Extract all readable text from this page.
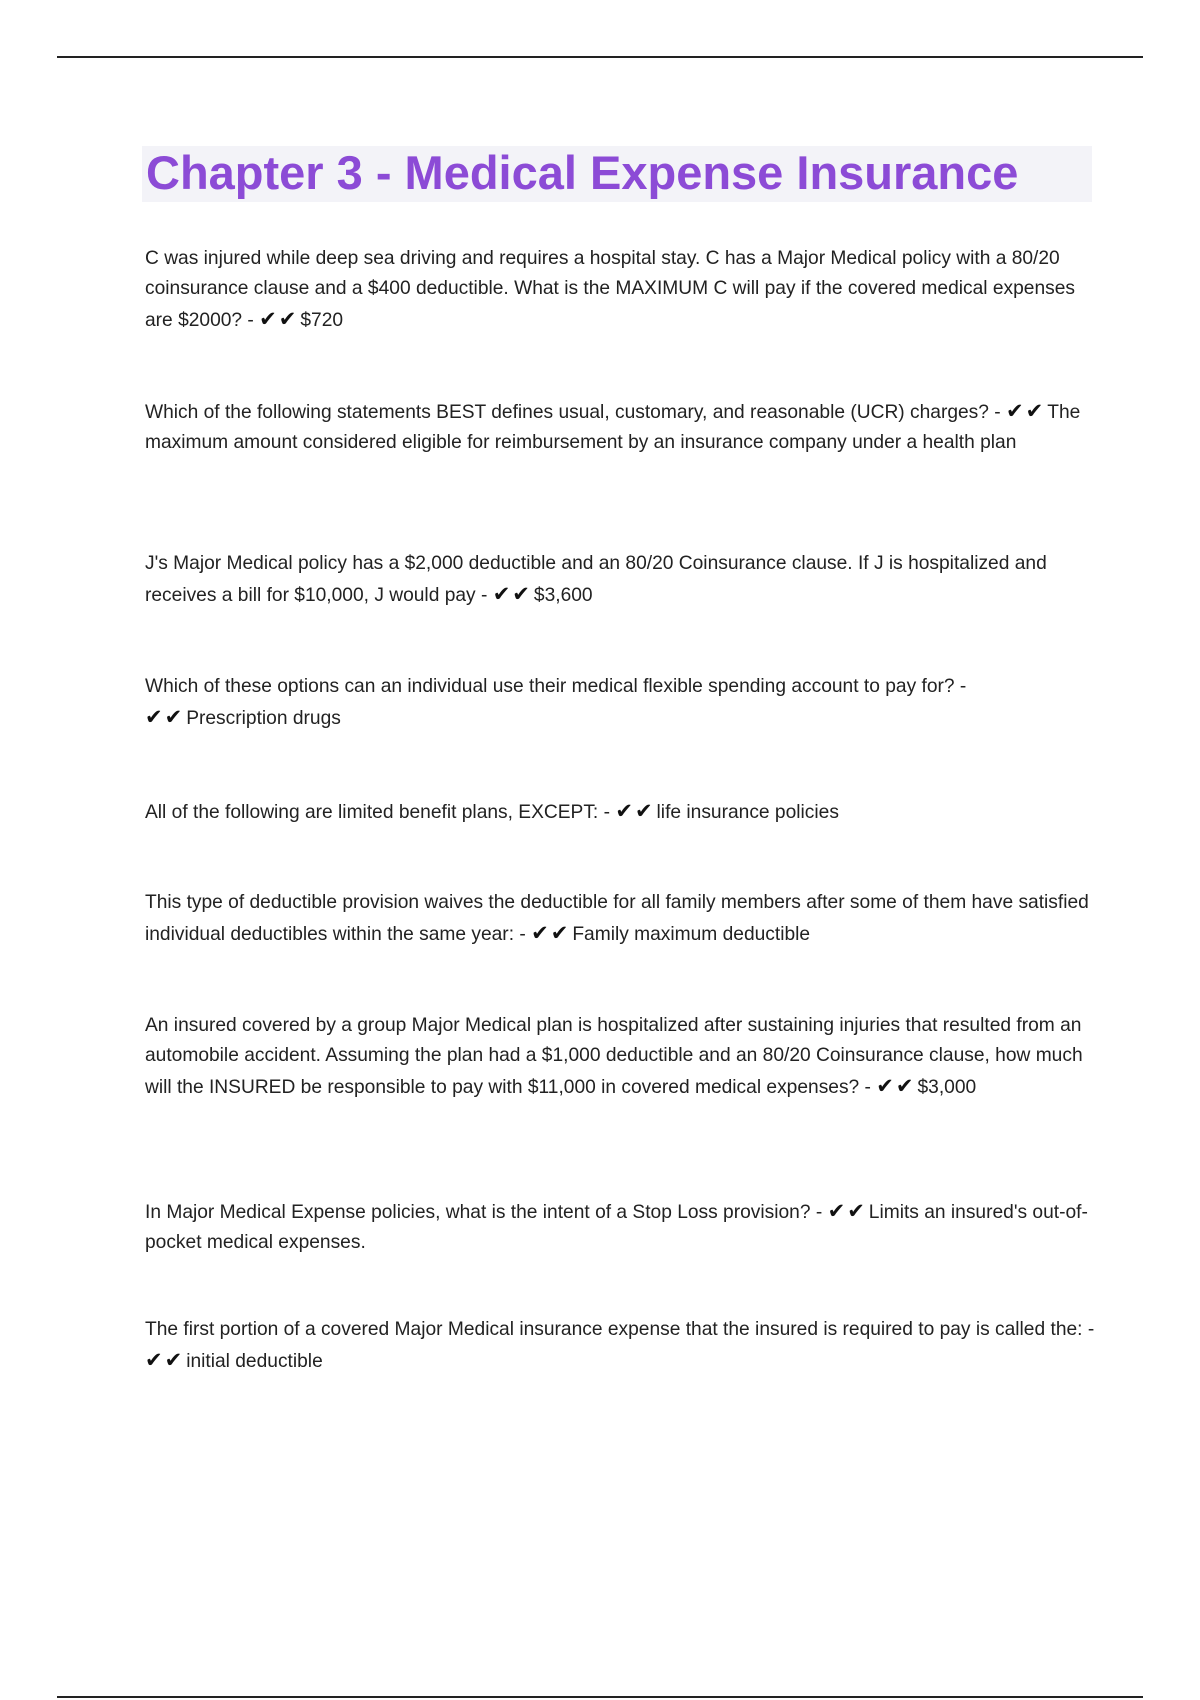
Chapter 3 - Medical Expense Insurance

C was injured while deep sea driving and requires a hospital stay. C has a Major Medical policy with a 80/20 coinsurance clause and a $400 deductible. What is the MAXIMUM C will pay if the covered medical expenses are $2000? - ✔✔ $720

Which of the following statements BEST defines usual, customary, and reasonable (UCR) charges? - ✔✔ The maximum amount considered eligible for reimbursement by an insurance company under a health plan

J's Major Medical policy has a $2,000 deductible and an 80/20 Coinsurance clause. If J is hospitalized and receives a bill for $10,000, J would pay - ✔✔ $3,600

Which of these options can an individual use their medical flexible spending account to pay for? - ✔✔ Prescription drugs

All of the following are limited benefit plans, EXCEPT: - ✔✔ life insurance policies

This type of deductible provision waives the deductible for all family members after some of them have satisfied individual deductibles within the same year: - ✔✔ Family maximum deductible

An insured covered by a group Major Medical plan is hospitalized after sustaining injuries that resulted from an automobile accident. Assuming the plan had a $1,000 deductible and an 80/20 Coinsurance clause, how much will the INSURED be responsible to pay with $11,000 in covered medical expenses? - ✔✔ $3,000

In Major Medical Expense policies, what is the intent of a Stop Loss provision? - ✔✔ Limits an insured's out-of-pocket medical expenses.

The first portion of a covered Major Medical insurance expense that the insured is required to pay is called the: - ✔✔ initial deductible
